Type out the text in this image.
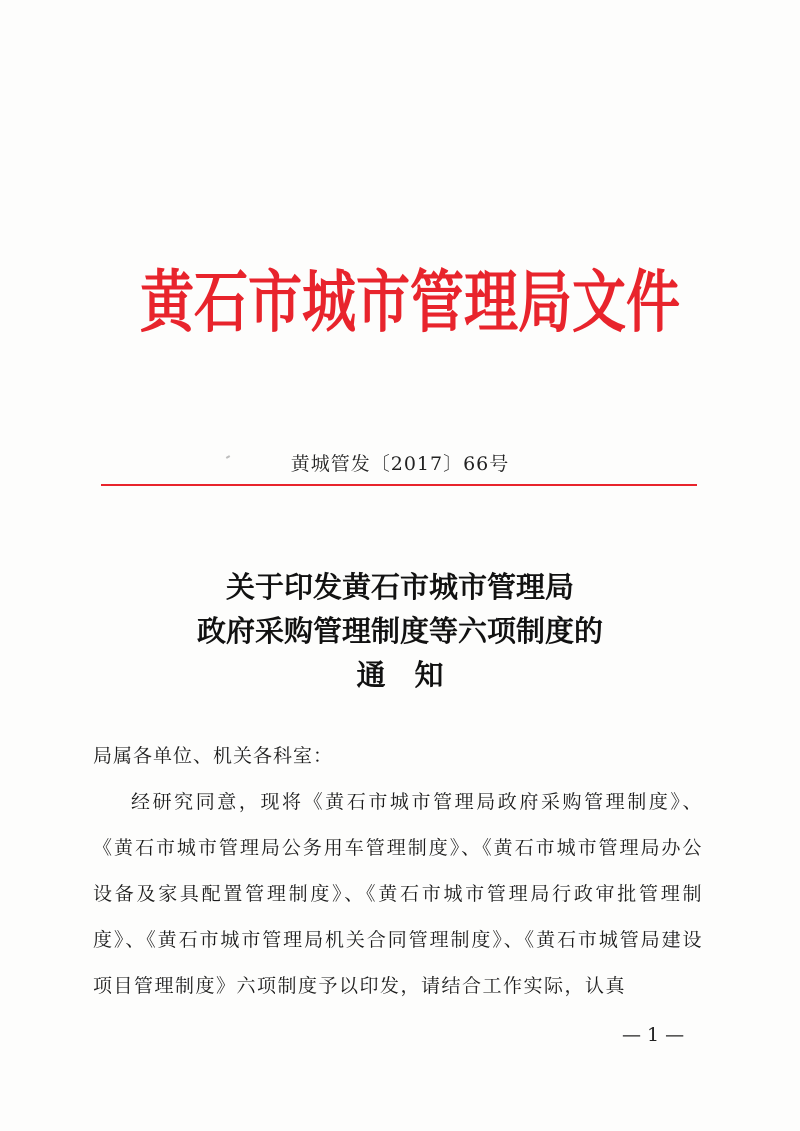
黄石市城市管理局文件
黄城管发〔2017〕66号
关于印发黄石市城市管理局
政府采购管理制度等六项制度的
通　知
局属各单位、机关各科室：
经研究同意，现将《黄石市城市管理局政府采购管理制度》、《黄石市城市管理局公务用车管理制度》、《黄石市城市管理局办公设备及家具配置管理制度》、《黄石市城市管理局行政审批管理制度》、《黄石市城市管理局机关合同管理制度》、《黄石市城管局建设项目管理制度》六项制度予以印发，请结合工作实际，认真
— 1 —
